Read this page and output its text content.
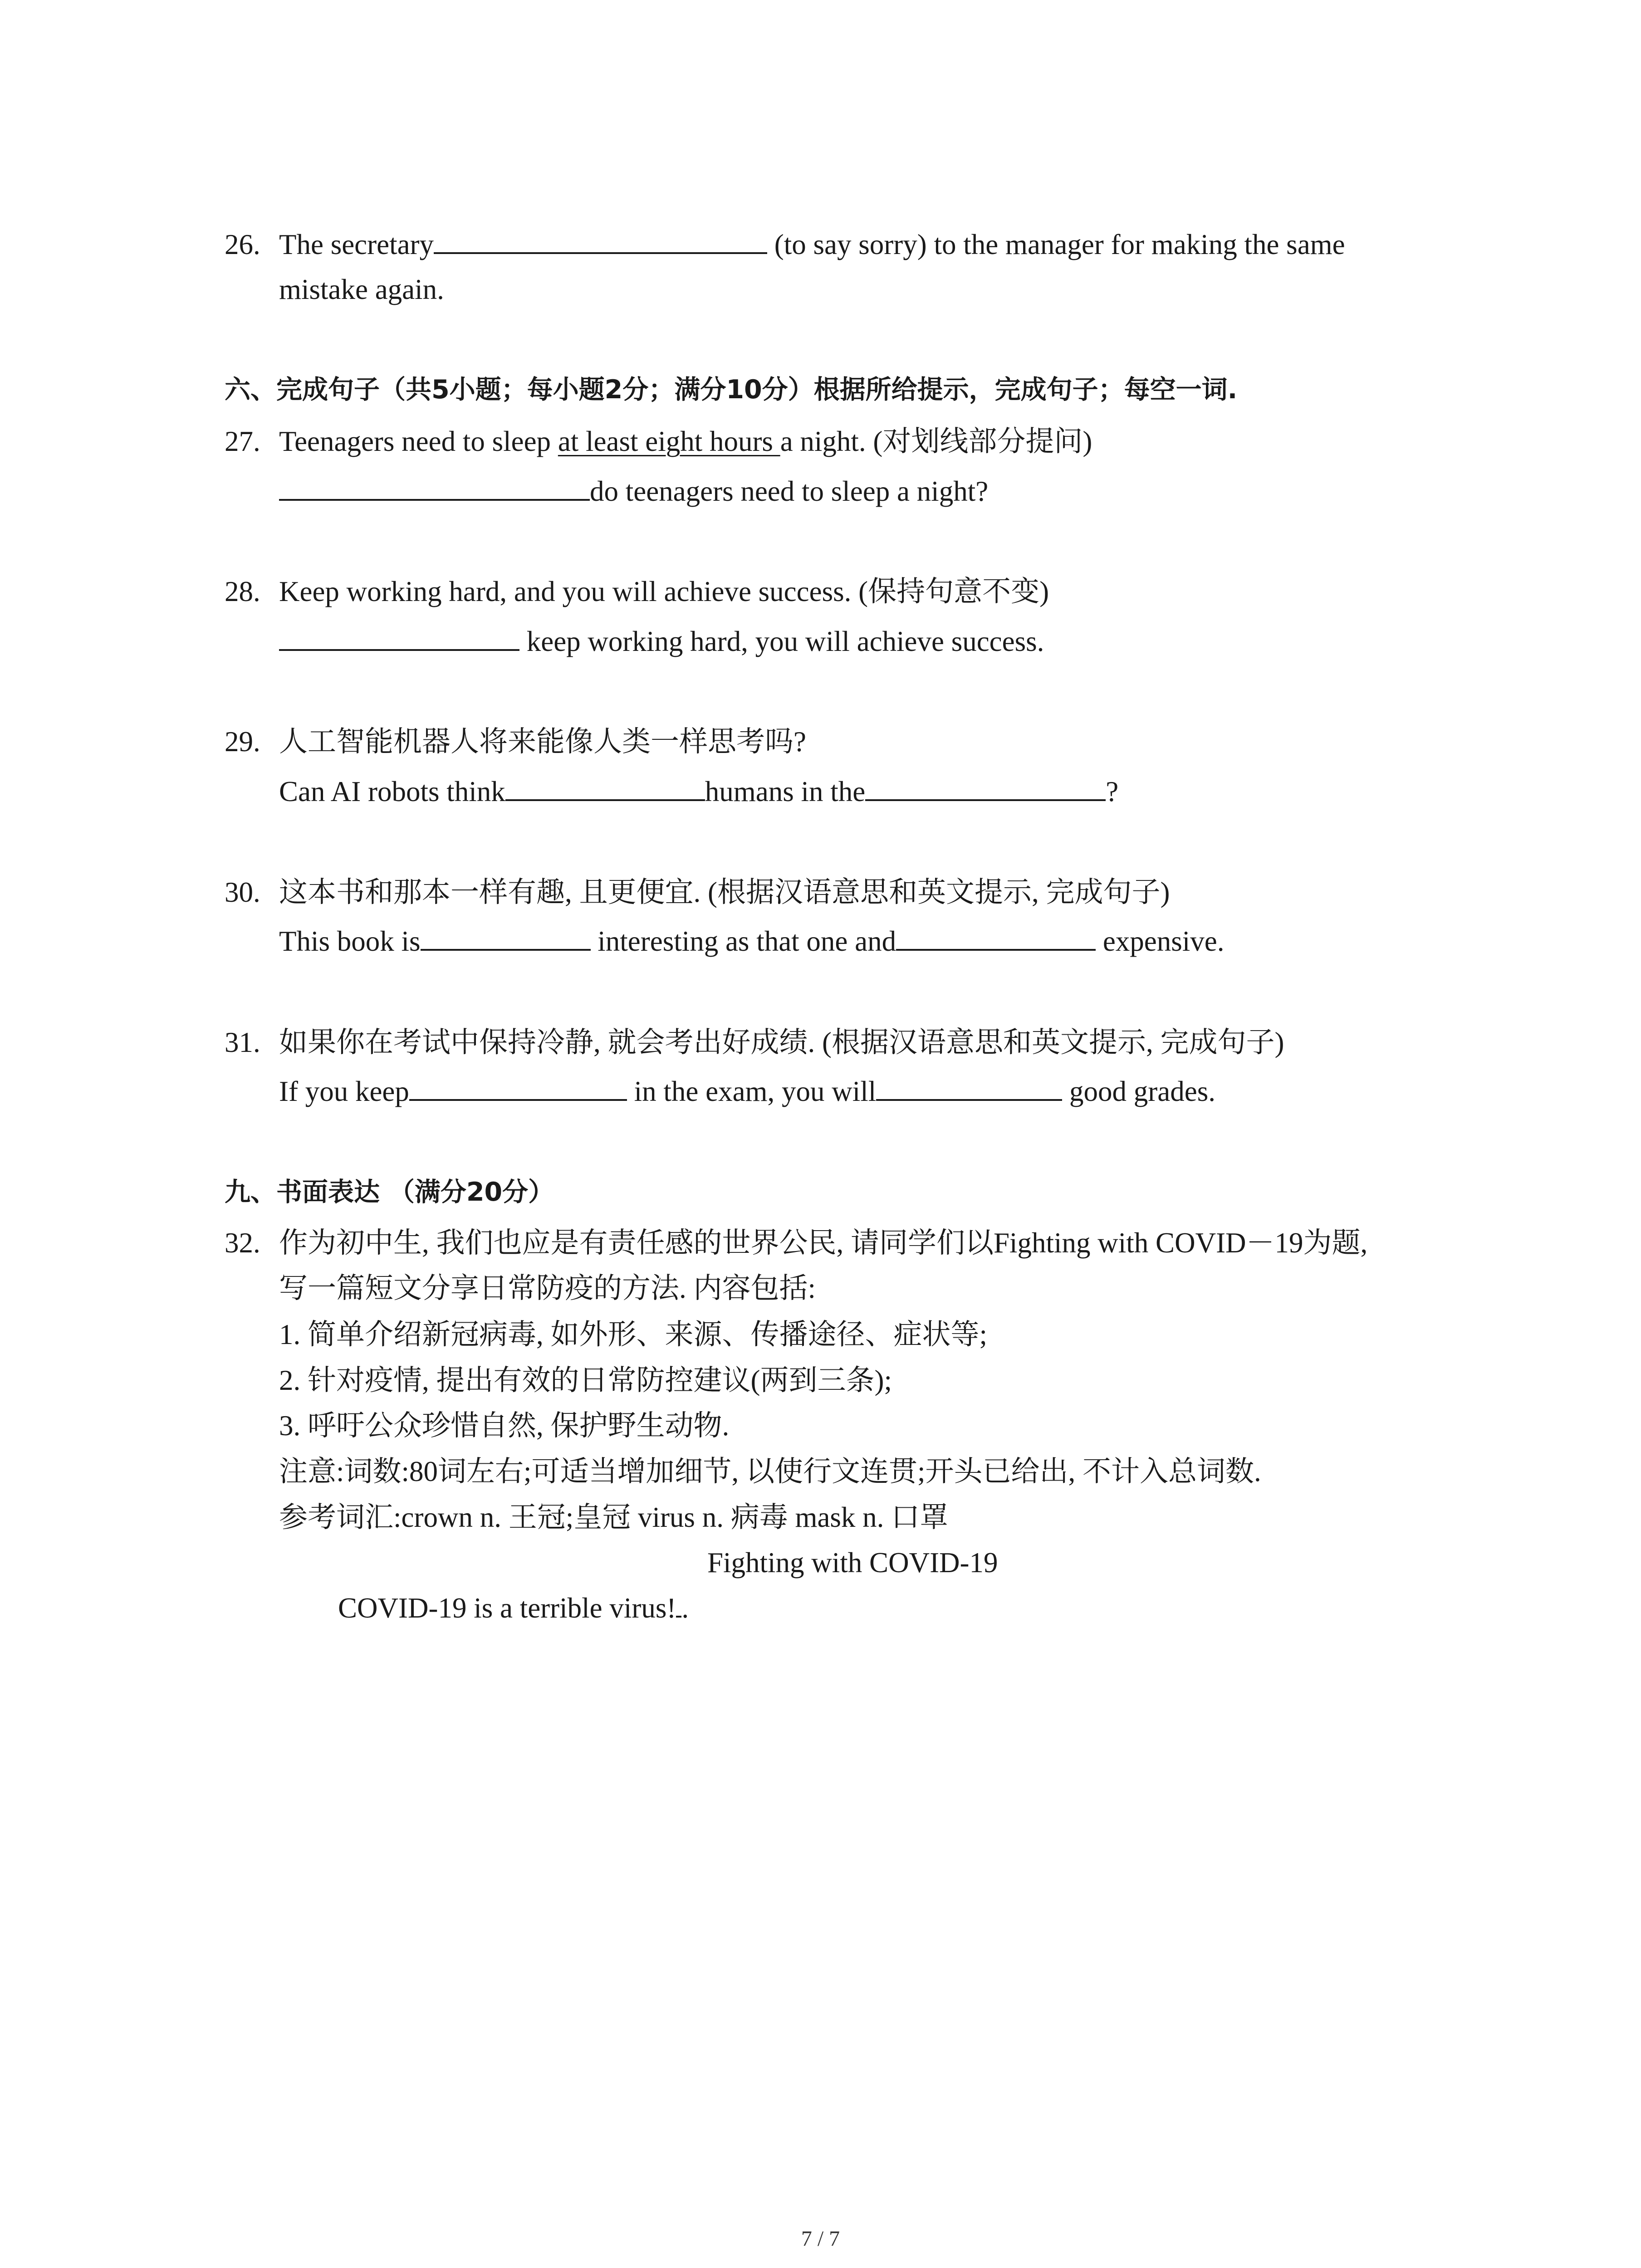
26. The secretary	(to say sorry) to the manager for making the same
mistake again.
六、完成句子（共5小题；每小题2分；满分10分）根据所给提示，完成句子；每空一词.
27. Teenagers need to sleep at least eight hours a night. (对划线部分提问)
do teenagers need to sleep a night?
28. Keep working hard, and you will achieve success. (保持句意不变)
keep working hard, you will achieve success.
29. 人工智能机器人将来能像人类一样思考吗?
Can AI robots think	humans in the	?
30. 这本书和那本一样有趣, 且更便宜. (根据汉语意思和英文提示, 完成句子)
This book is	interesting as that one and	expensive.
31. 如果你在考试中保持冷静, 就会考出好成绩. (根据汉语意思和英文提示, 完成句子)
If you keep	in the exam, you will	good grades.
九、书面表达 （满分20分）
32. 作为初中生, 我们也应是有责任感的世界公民, 请同学们以Fighting with COVID－19为题,
写一篇短文分享日常防疫的方法. 内容包括:
1. 简单介绍新冠病毒, 如外形、来源、传播途径、症状等;
2. 针对疫情, 提出有效的日常防控建议(两到三条);
3. 呼吁公众珍惜自然, 保护野生动物.
注意:词数:80词左右;可适当增加细节, 以使行文连贯;开头已给出, 不计入总词数.
参考词汇:crown n. 王冠;皇冠 virus n. 病毒 mask n. 口罩
Fighting with COVID-19
COVID-19 is a terrible virus! .
7 / 7
